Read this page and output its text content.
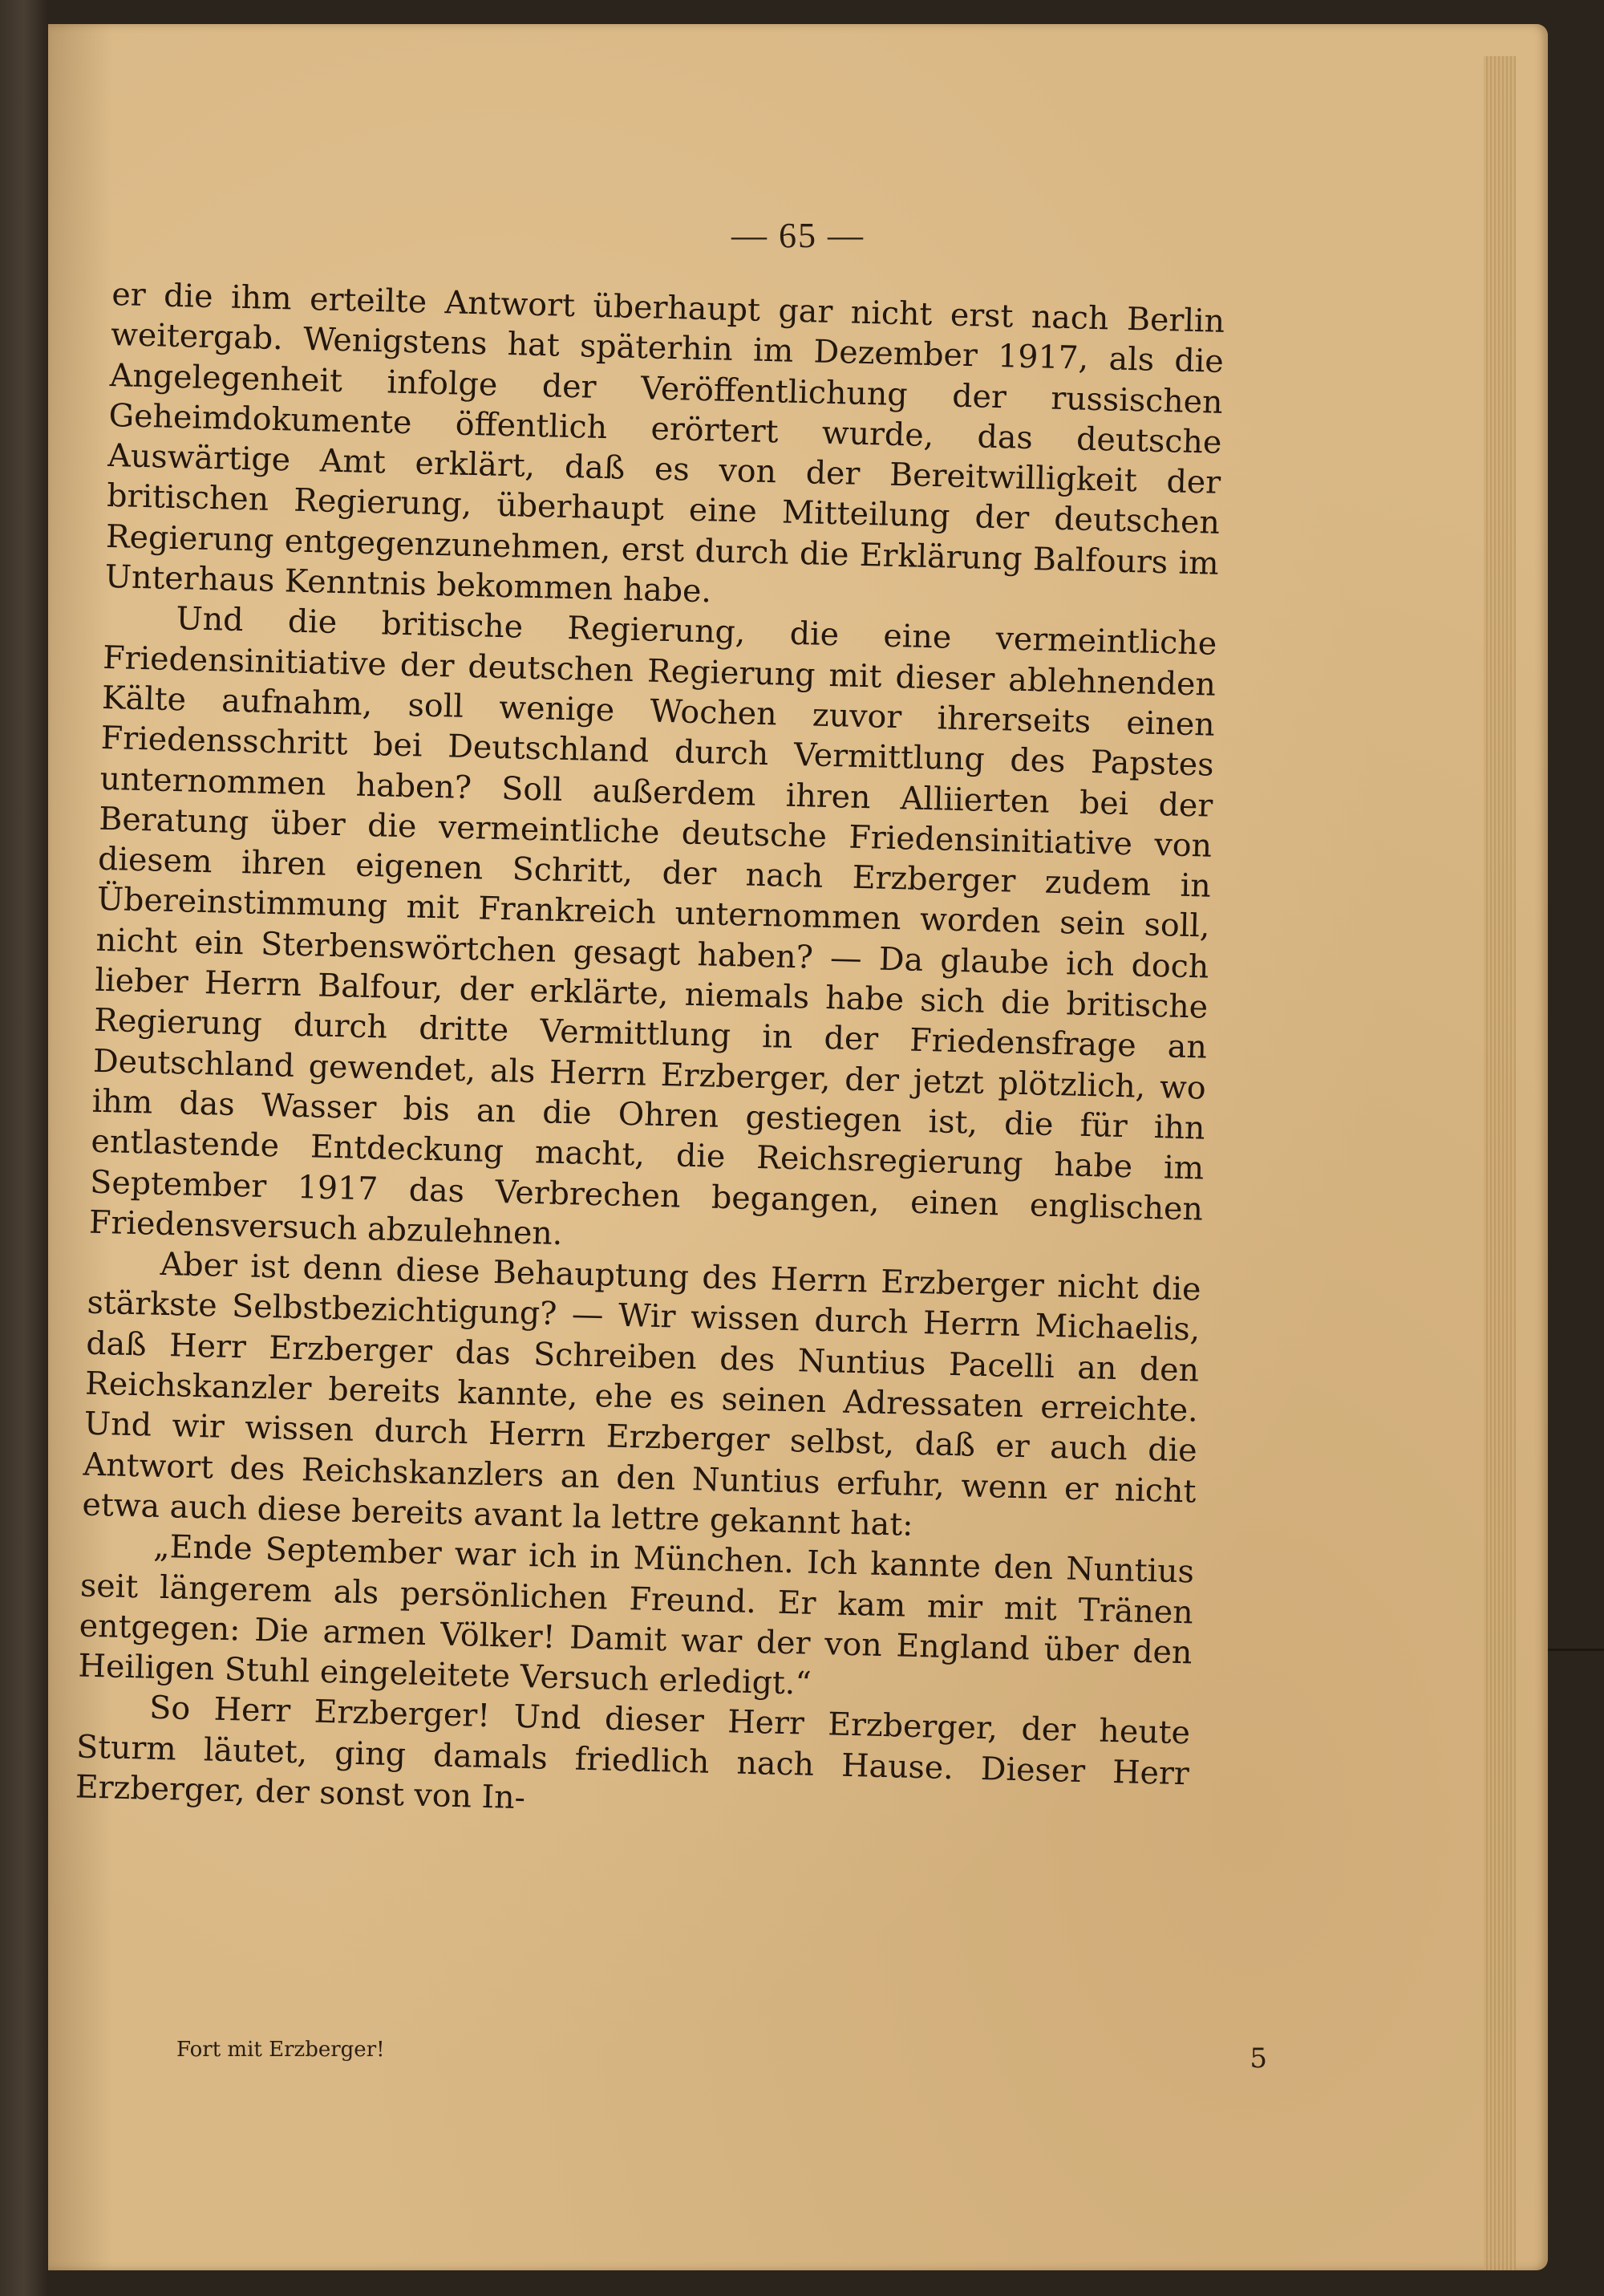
— 65 —

er die ihm erteilte Antwort überhaupt gar nicht erst nach Berlin weitergab. Wenigstens hat späterhin im Dezember 1917, als die Angelegenheit infolge der Veröffentlichung der russischen Geheimdokumente öffentlich erörtert wurde, das deutsche Auswärtige Amt erklärt, daß es von der Bereitwilligkeit der britischen Regierung, überhaupt eine Mitteilung der deutschen Regierung entgegenzunehmen, erst durch die Erklärung Balfours im Unterhaus Kenntnis bekommen habe.

Und die britische Regierung, die eine vermeintliche Friedensinitiative der deutschen Regierung mit dieser ablehnenden Kälte aufnahm, soll wenige Wochen zuvor ihrerseits einen Friedensschritt bei Deutschland durch Vermittlung des Papstes unternommen haben? Soll außerdem ihren Alliierten bei der Beratung über die vermeintliche deutsche Friedensinitiative von diesem ihren eigenen Schritt, der nach Erzberger zudem in Übereinstimmung mit Frankreich unternommen worden sein soll, nicht ein Sterbenswörtchen gesagt haben? — Da glaube ich doch lieber Herrn Balfour, der erklärte, niemals habe sich die britische Regierung durch dritte Vermittlung in der Friedensfrage an Deutschland gewendet, als Herrn Erzberger, der jetzt plötzlich, wo ihm das Wasser bis an die Ohren gestiegen ist, die für ihn entlastende Entdeckung macht, die Reichsregierung habe im September 1917 das Verbrechen begangen, einen englischen Friedensversuch abzulehnen.

Aber ist denn diese Behauptung des Herrn Erzberger nicht die stärkste Selbstbezichtigung? — Wir wissen durch Herrn Michaelis, daß Herr Erzberger das Schreiben des Nuntius Pacelli an den Reichskanzler bereits kannte, ehe es seinen Adressaten erreichte. Und wir wissen durch Herrn Erzberger selbst, daß er auch die Antwort des Reichskanzlers an den Nuntius erfuhr, wenn er nicht etwa auch diese bereits avant la lettre gekannt hat:

„Ende September war ich in München. Ich kannte den Nuntius seit längerem als persönlichen Freund. Er kam mir mit Tränen entgegen: Die armen Völker! Damit war der von England über den Heiligen Stuhl eingeleitete Versuch erledigt.“

So Herr Erzberger! Und dieser Herr Erzberger, der heute Sturm läutet, ging damals friedlich nach Hause. Dieser Herr Erzberger, der sonst von In-

Fort mit Erzberger!	5
